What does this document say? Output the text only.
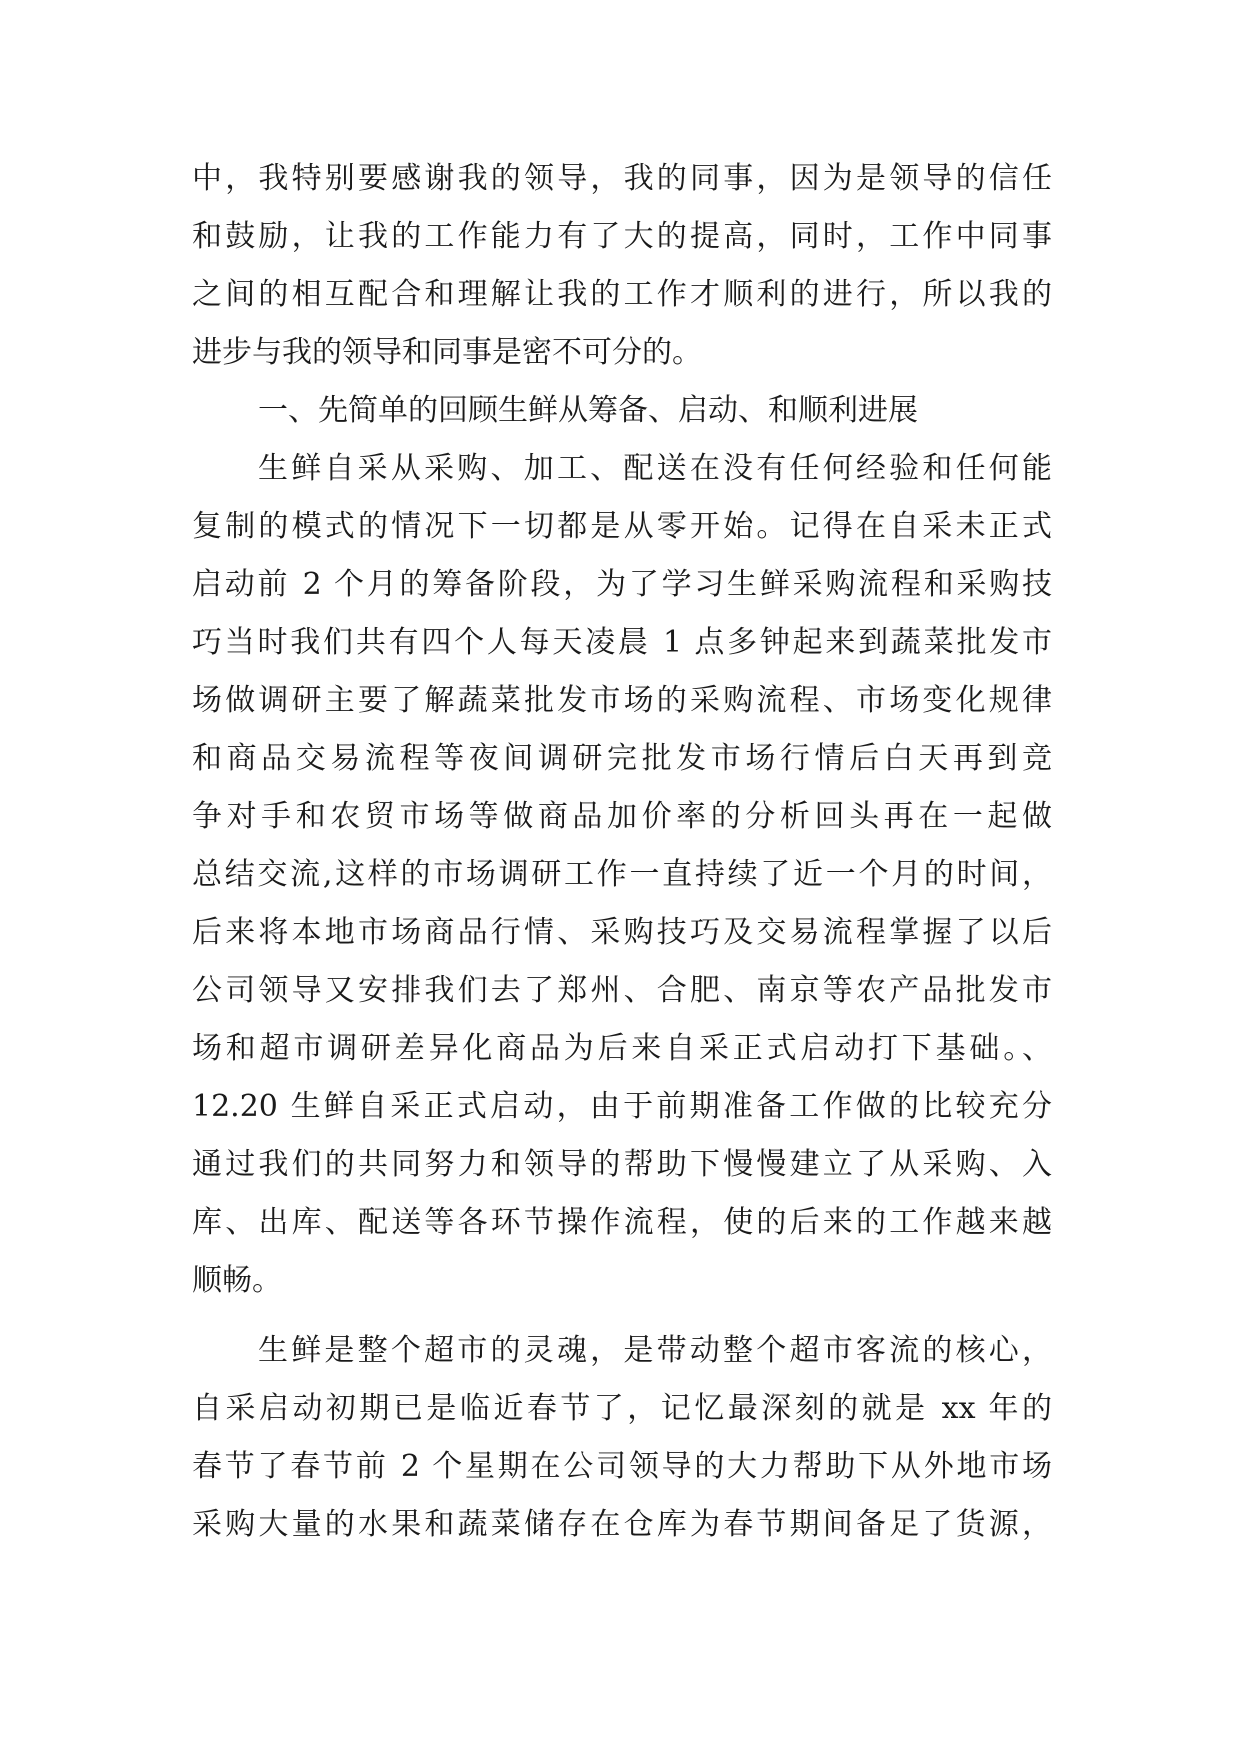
中，我特别要感谢我的领导，我的同事，因为是领导的信任
和鼓励，让我的工作能力有了大的提高，同时，工作中同事
之间的相互配合和理解让我的工作才顺利的进行，所以我的
进步与我的领导和同事是密不可分的。
一、先简单的回顾生鲜从筹备、启动、和顺利进展
生鲜自采从采购、加工、配送在没有任何经验和任何能
复制的模式的情况下一切都是从零开始。记得在自采未正式
启动前 2 个月的筹备阶段，为了学习生鲜采购流程和采购技
巧当时我们共有四个人每天凌晨 1 点多钟起来到蔬菜批发市
场做调研主要了解蔬菜批发市场的采购流程、市场变化规律
和商品交易流程等夜间调研完批发市场行情后白天再到竞
争对手和农贸市场等做商品加价率的分析回头再在一起做
总结交流,这样的市场调研工作一直持续了近一个月的时间，
后来将本地市场商品行情、采购技巧及交易流程掌握了以后
公司领导又安排我们去了郑州、合肥、南京等农产品批发市
场和超市调研差异化商品为后来自采正式启动打下基础。、
12.20 生鲜自采正式启动，由于前期准备工作做的比较充分
通过我们的共同努力和领导的帮助下慢慢建立了从采购、入
库、出库、配送等各环节操作流程，使的后来的工作越来越
顺畅。
生鲜是整个超市的灵魂，是带动整个超市客流的核心，
自采启动初期已是临近春节了，记忆最深刻的就是 xx 年的
春节了春节前 2 个星期在公司领导的大力帮助下从外地市场
采购大量的水果和蔬菜储存在仓库为春节期间备足了货源，
